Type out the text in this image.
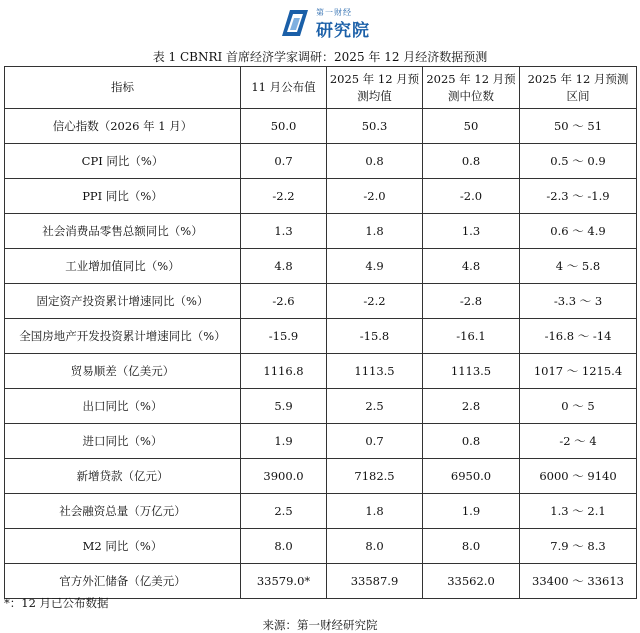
第一财经
研究院
表 1 CBNRI 首席经济学家调研：2025 年 12 月经济数据预测
指标	11 月公布值	2025 年 12 月预测均值	2025 年 12 月预测中位数	2025 年 12 月预测区间
信心指数（2026 年 1 月）	50.0	50.3	50	50 ～ 51
CPI 同比（%）	0.7	0.8	0.8	0.5 ～ 0.9
PPI 同比（%）	-2.2	-2.0	-2.0	-2.3 ～ -1.9
社会消费品零售总额同比（%）	1.3	1.8	1.3	0.6 ～ 4.9
工业增加值同比（%）	4.8	4.9	4.8	4 ～ 5.8
固定资产投资累计增速同比（%）	-2.6	-2.2	-2.8	-3.3 ～ 3
全国房地产开发投资累计增速同比（%）	-15.9	-15.8	-16.1	-16.8 ～ -14
贸易顺差（亿美元）	1116.8	1113.5	1113.5	1017 ～ 1215.4
出口同比（%）	5.9	2.5	2.8	0 ～ 5
进口同比（%）	1.9	0.7	0.8	-2 ～ 4
新增贷款（亿元）	3900.0	7182.5	6950.0	6000 ～ 9140
社会融资总量（万亿元）	2.5	1.8	1.9	1.3 ～ 2.1
M2 同比（%）	8.0	8.0	8.0	7.9 ～ 8.3
官方外汇储备（亿美元）	33579.0*	33587.9	33562.0	33400 ～ 33613
*：12 月已公布数据
来源：第一财经研究院
